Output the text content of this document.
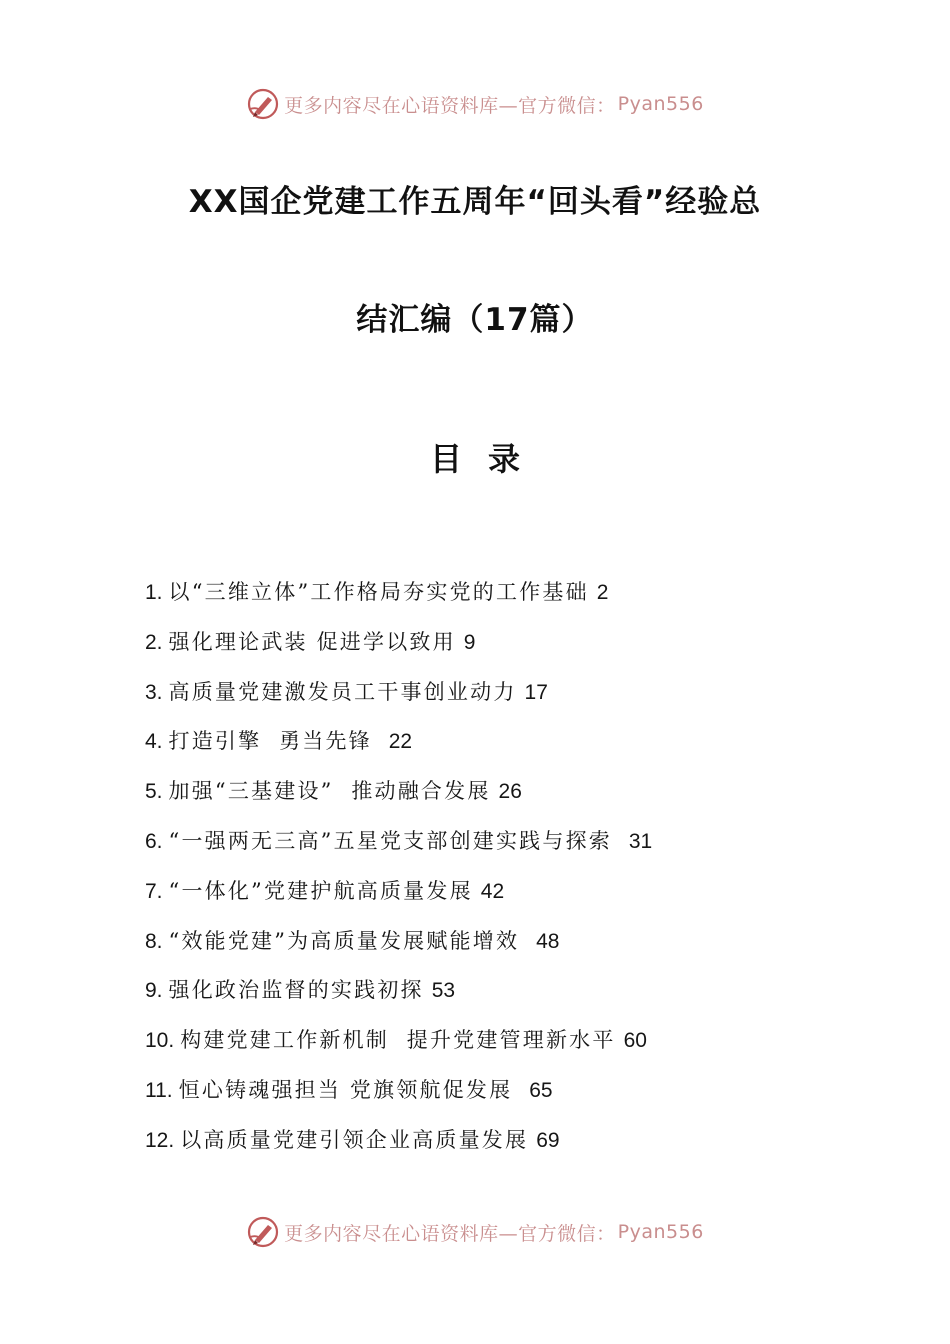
更多内容尽在心语资料库—官方微信： Pyan556
XX国企党建工作五周年“回头看”经验总
结汇编（17篇）
目录
1. 以“三维立体”工作格局夯实党的工作基础 2
2. 强化理论武装 促进学以致用 9
3. 高质量党建激发员工干事创业动力 17
4. 打造引擎  勇当先锋 22
5. 加强“三基建设”  推动融合发展 26
6. “一强两无三高”五星党支部创建实践与探索 31
7. “一体化”党建护航高质量发展 42
8. “效能党建”为高质量发展赋能增效 48
9. 强化政治监督的实践初探 53
10. 构建党建工作新机制  提升党建管理新水平 60
11. 恒心铸魂强担当 党旗领航促发展 65
12. 以高质量党建引领企业高质量发展 69
更多内容尽在心语资料库—官方微信： Pyan556
